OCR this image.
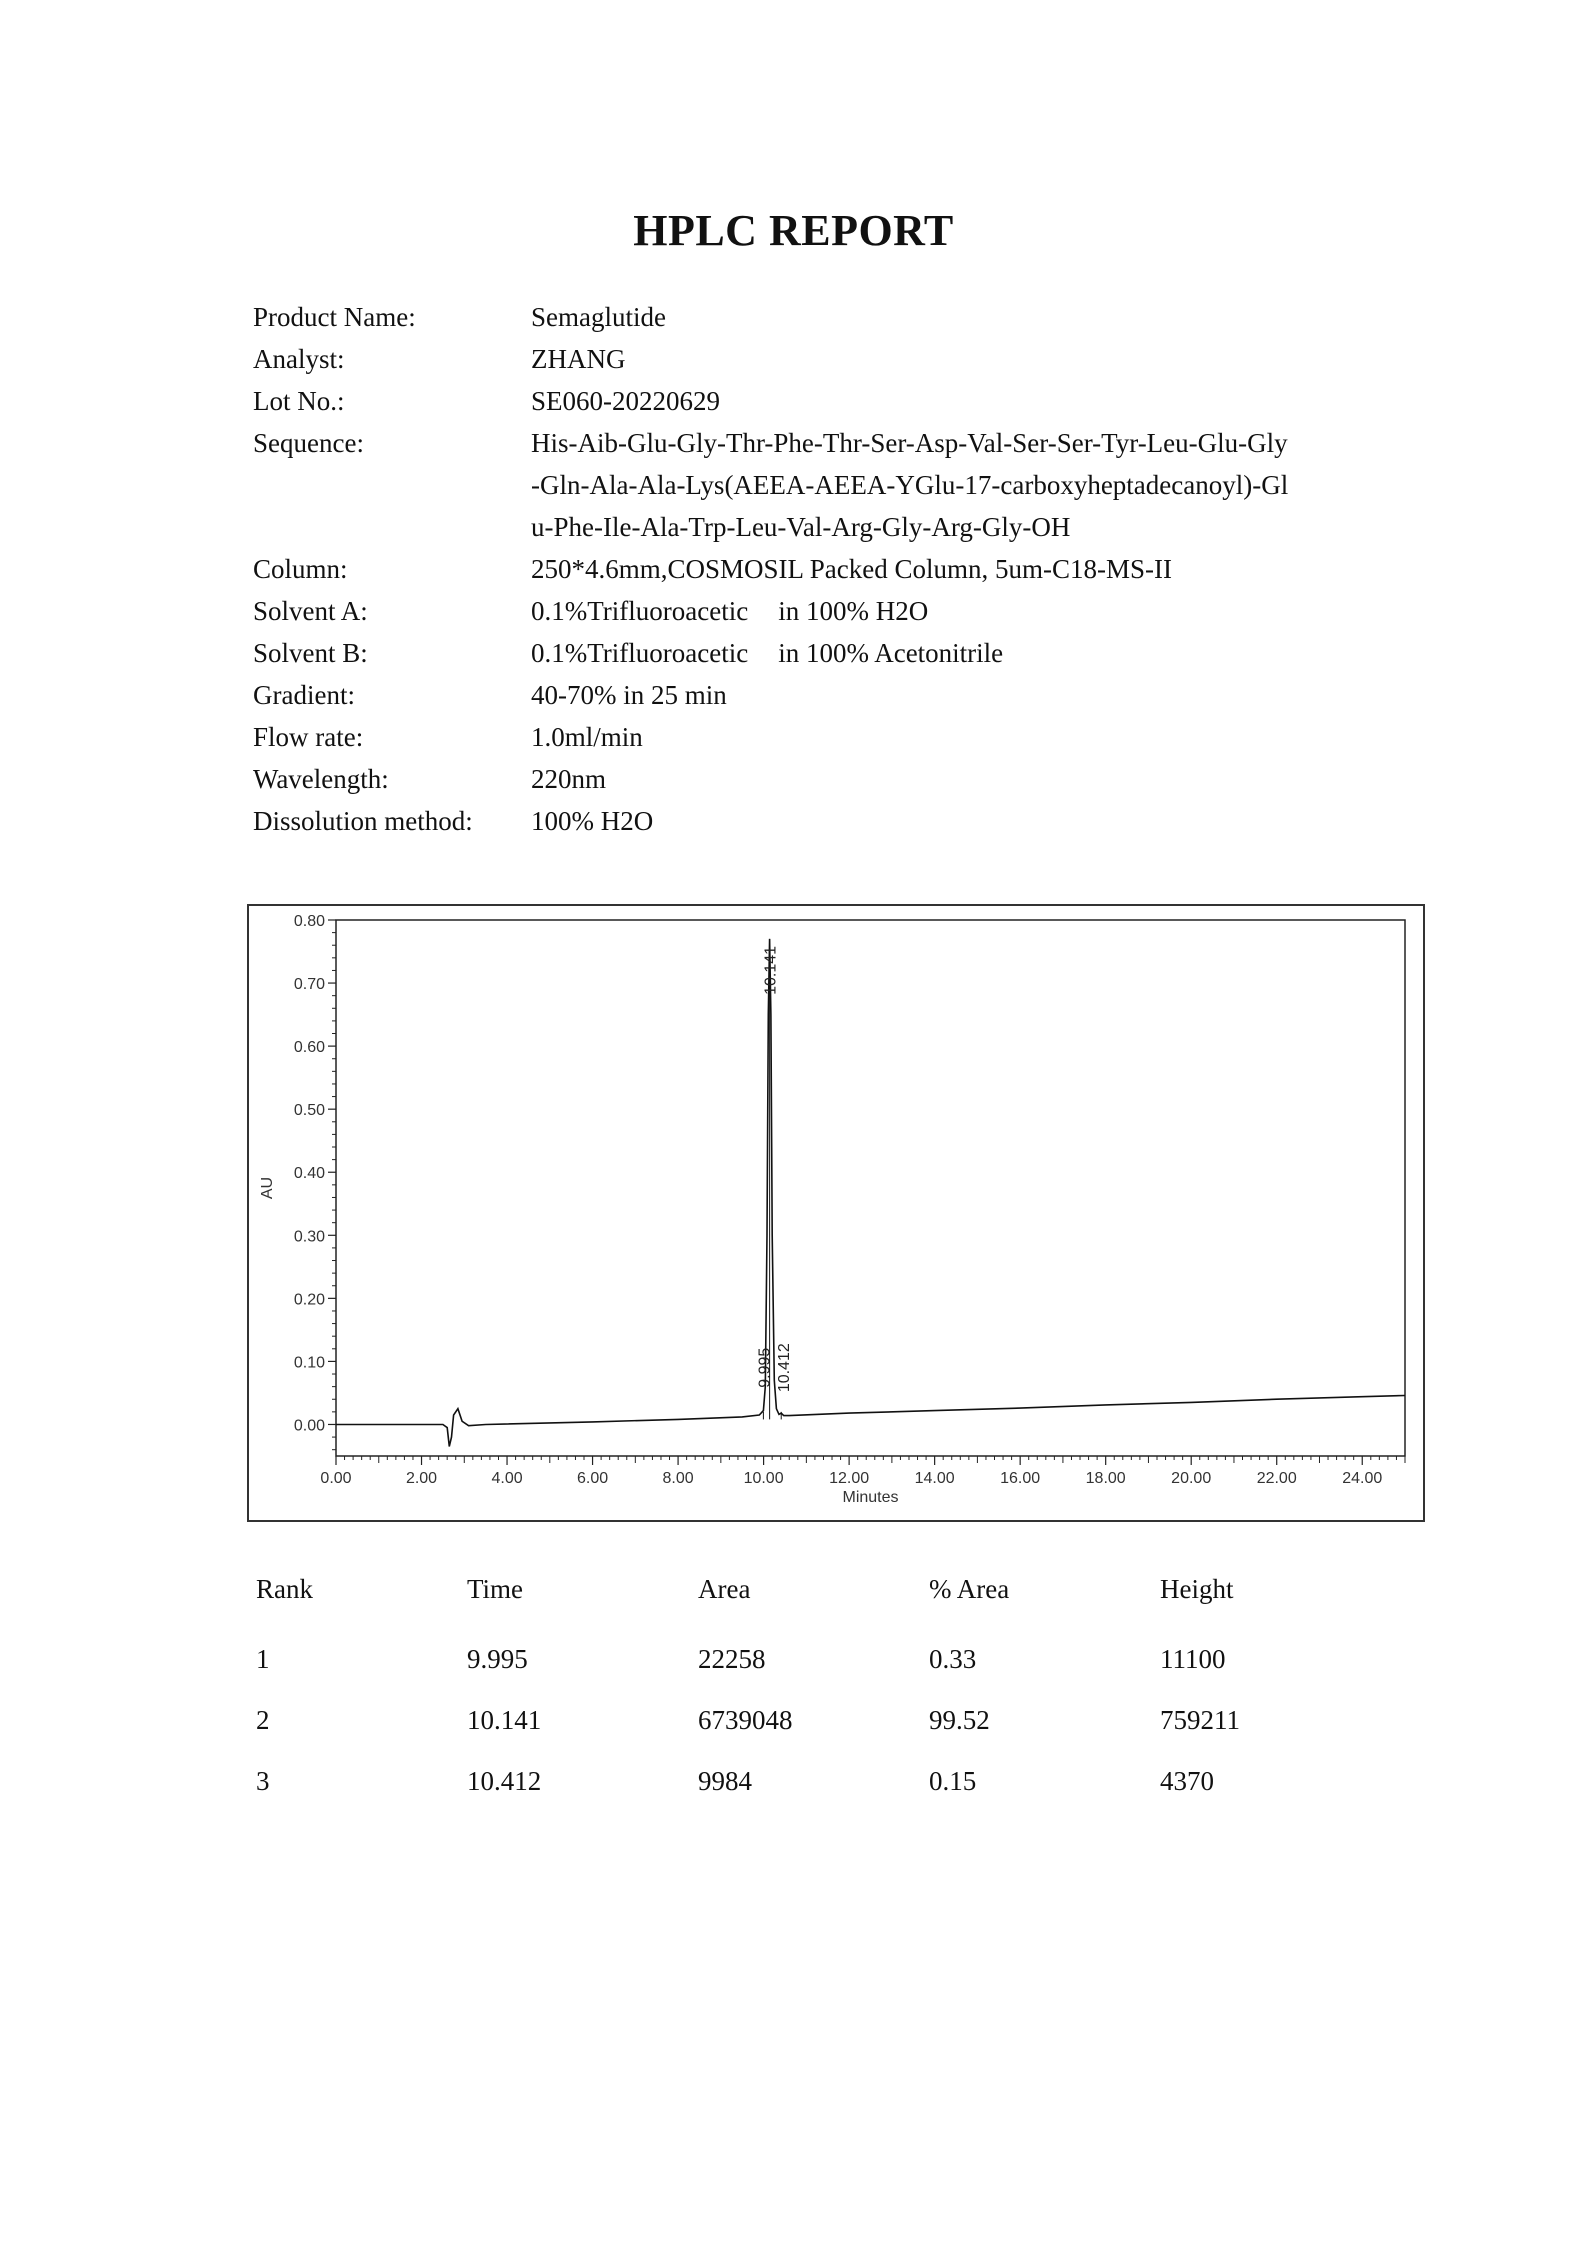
HPLC REPORT
Product Name:	Semaglutide
Analyst:	ZHANG
Lot No.:	SE060-20220629
Sequence:	His-Aib-Glu-Gly-Thr-Phe-Thr-Ser-Asp-Val-Ser-Ser-Tyr-Leu-Glu-Gly
-Gln-Ala-Ala-Lys(AEEA-AEEA-YGlu-17-carboxyheptadecanoyl)-Gl
u-Phe-Ile-Ala-Trp-Leu-Val-Arg-Gly-Arg-Gly-OH
Column:	250*4.6mm,COSMOSIL Packed Column, 5um-C18-MS-II
Solvent A:	0.1%Trifluoroacetic in 100% H2O
Solvent B:	0.1%Trifluoroacetic in 100% Acetonitrile
Gradient:	40-70% in 25 min
Flow rate:	1.0ml/min
Wavelength:	220nm
Dissolution method:	100% H2O
0.00
0.10
0.20
0.30
0.40
0.50
0.60
0.70
0.80
0.00	2.00	4.00	6.00	8.00	10.00	12.00	14.00	16.00	18.00	20.00	22.00	24.00
Minutes
AU
9.995
10.141
10.412
Rank	Time	Area	% Area	Height
1	9.995	22258	0.33	11100
2	10.141	6739048	99.52	759211
3	10.412	9984	0.15	4370
